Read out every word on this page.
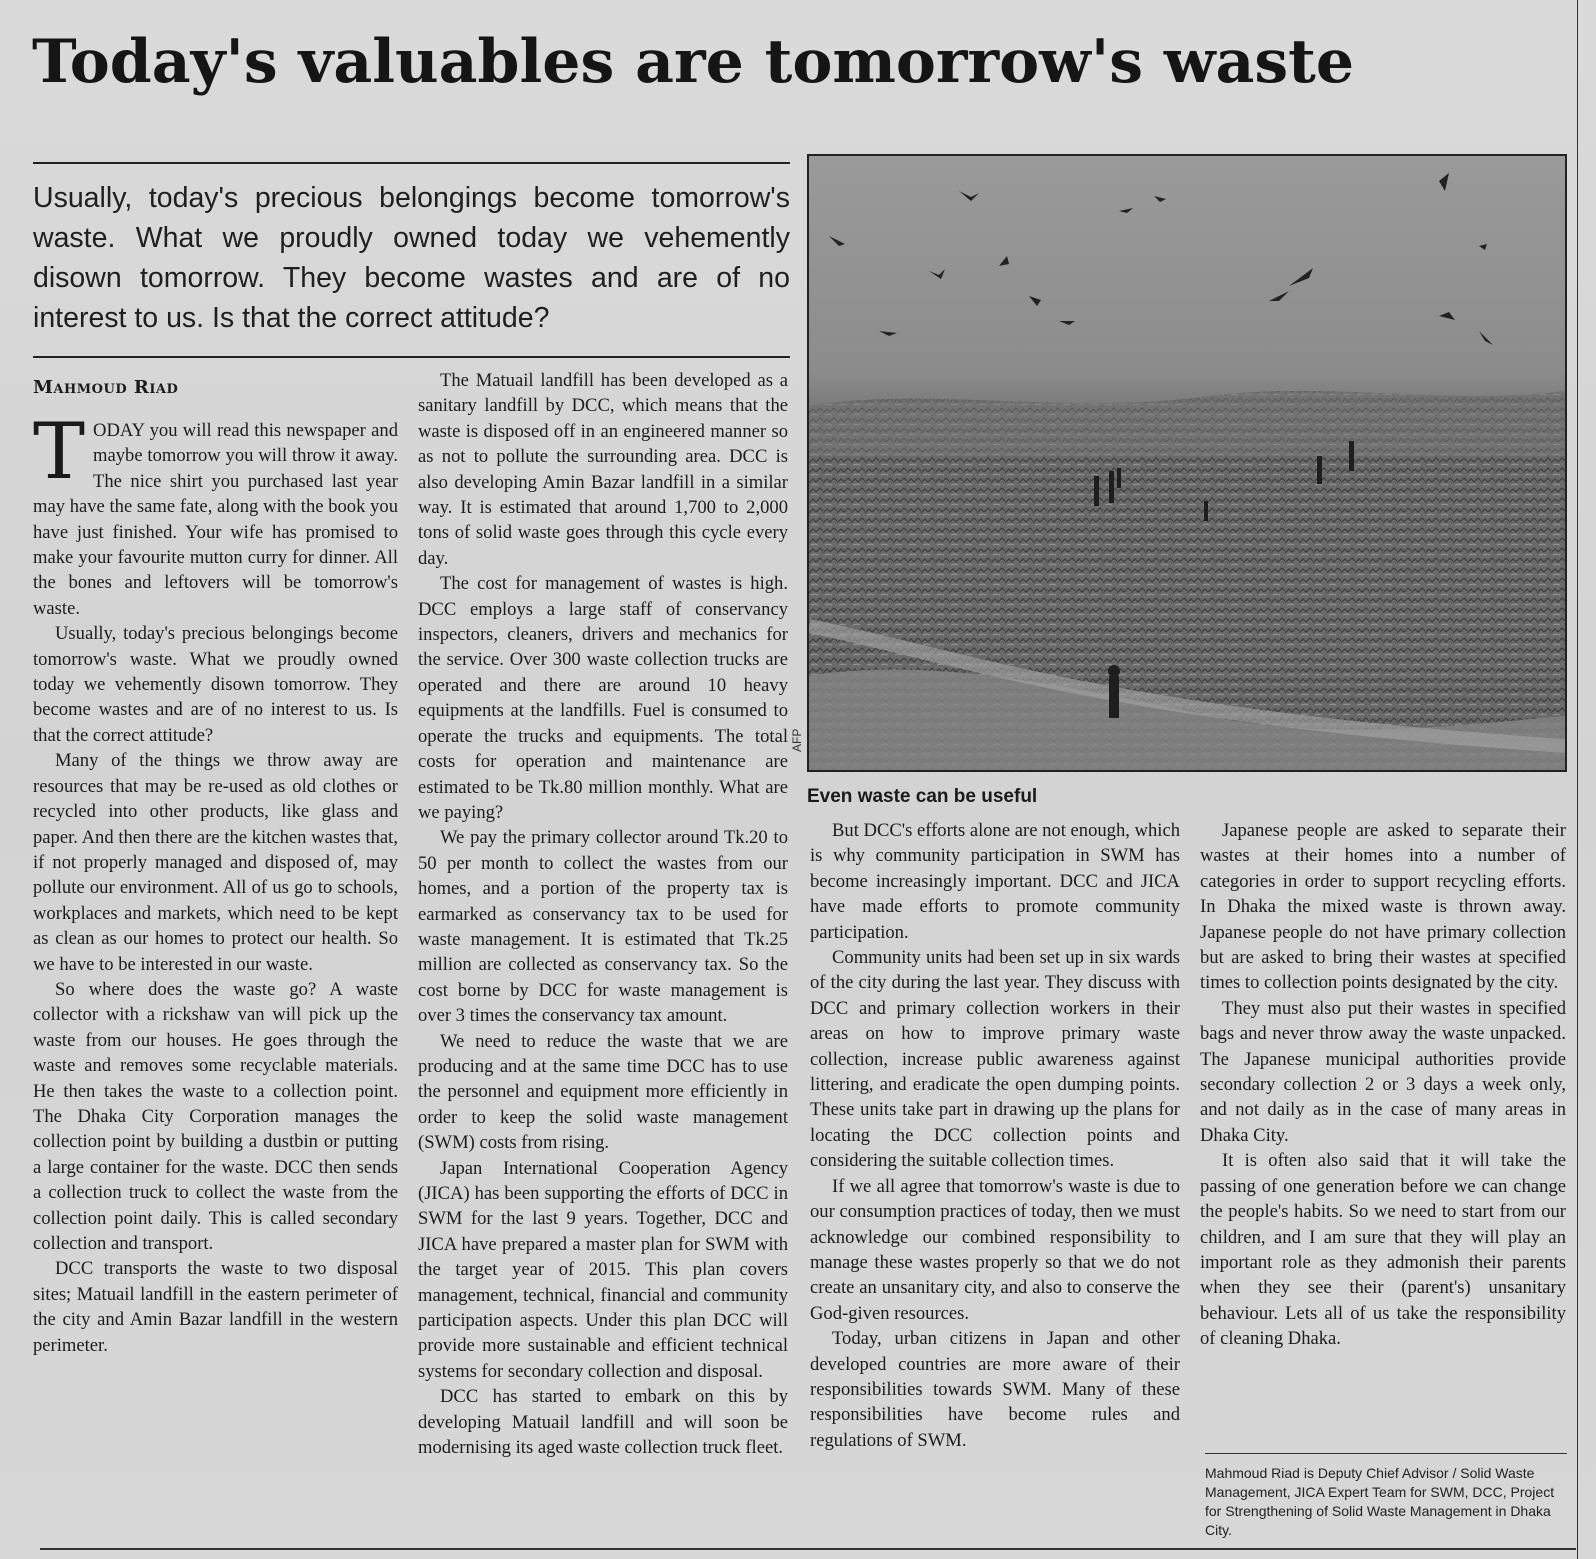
Today's valuables are tomorrow's waste

Usually, today's precious belongings become tomorrow's waste. What we proudly owned today we vehemently disown tomorrow. They become wastes and are of no interest to us. Is that the correct attitude?

Mahmoud Riad
AFP
Even waste can be useful

TODAY you will read this newspaper and maybe tomorrow you will throw it away. The nice shirt you purchased last year may have the same fate, along with the book you have just finished. Your wife has promised to make your favourite mutton curry for dinner. All the bones and leftovers will be tomorrow's waste.

Usually, today's precious belongings become tomorrow's waste. What we proudly owned today we vehemently disown tomorrow. They become wastes and are of no interest to us. Is that the correct attitude?

Many of the things we throw away are resources that may be re-used as old clothes or recycled into other products, like glass and paper. And then there are the kitchen wastes that, if not properly managed and disposed of, may pollute our environment. All of us go to schools, workplaces and markets, which need to be kept as clean as our homes to protect our health. So we have to be interested in our waste.

So where does the waste go? A waste collector with a rickshaw van will pick up the waste from our houses. He goes through the waste and removes some recyclable materials. He then takes the waste to a collection point. The Dhaka City Corporation manages the collection point by building a dustbin or putting a large container for the waste. DCC then sends a collection truck to collect the waste from the collection point daily. This is called secondary collection and transport.

DCC transports the waste to two disposal sites; Matuail landfill in the eastern perimeter of the city and Amin Bazar landfill in the western perimeter.

The Matuail landfill has been developed as a sanitary landfill by DCC, which means that the waste is disposed off in an engineered manner so as not to pollute the surrounding area. DCC is also developing Amin Bazar landfill in a similar way. It is estimated that around 1,700 to 2,000 tons of solid waste goes through this cycle every day.

The cost for management of wastes is high. DCC employs a large staff of conservancy inspectors, cleaners, drivers and mechanics for the service. Over 300 waste collection trucks are operated and there are around 10 heavy equipments at the landfills. Fuel is consumed to operate the trucks and equipments. The total costs for operation and maintenance are estimated to be Tk.80 million monthly. What are we paying?

We pay the primary collector around Tk.20 to 50 per month to collect the wastes from our homes, and a portion of the property tax is earmarked as conservancy tax to be used for waste management. It is estimated that Tk.25 million are collected as conservancy tax. So the cost borne by DCC for waste management is over 3 times the conservancy tax amount.

We need to reduce the waste that we are producing and at the same time DCC has to use the personnel and equipment more efficiently in order to keep the solid waste management (SWM) costs from rising.

Japan International Cooperation Agency (JICA) has been supporting the efforts of DCC in SWM for the last 9 years. Together, DCC and JICA have prepared a master plan for SWM with the target year of 2015. This plan covers management, technical, financial and community participation aspects. Under this plan DCC will provide more sustainable and efficient technical systems for secondary collection and disposal.

DCC has started to embark on this by developing Matuail landfill and will soon be modernising its aged waste collection truck fleet.

But DCC's efforts alone are not enough, which is why community participation in SWM has become increasingly important. DCC and JICA have made efforts to promote community participation.

Community units had been set up in six wards of the city during the last year. They discuss with DCC and primary collection workers in their areas on how to improve primary waste collection, increase public awareness against littering, and eradicate the open dumping points. These units take part in drawing up the plans for locating the DCC collection points and considering the suitable collection times.

If we all agree that tomorrow's waste is due to our consumption practices of today, then we must acknowledge our combined responsibility to manage these wastes properly so that we do not create an unsanitary city, and also to conserve the God-given resources.

Today, urban citizens in Japan and other developed countries are more aware of their responsibilities towards SWM. Many of these responsibilities have become rules and regulations of SWM.

Japanese people are asked to separate their wastes at their homes into a number of categories in order to support recycling efforts. In Dhaka the mixed waste is thrown away. Japanese people do not have primary collection but are asked to bring their wastes at specified times to collection points designated by the city.

They must also put their wastes in specified bags and never throw away the waste unpacked. The Japanese municipal authorities provide secondary collection 2 or 3 days a week only, and not daily as in the case of many areas in Dhaka City.

It is often also said that it will take the passing of one generation before we can change the people's habits. So we need to start from our children, and I am sure that they will play an important role as they admonish their parents when they see their (parent's) unsanitary behaviour. Lets all of us take the responsibility of cleaning Dhaka.

Mahmoud Riad is Deputy Chief Advisor / Solid Waste Management, JICA Expert Team for SWM, DCC, Project for Strengthening of Solid Waste Management in Dhaka City.
